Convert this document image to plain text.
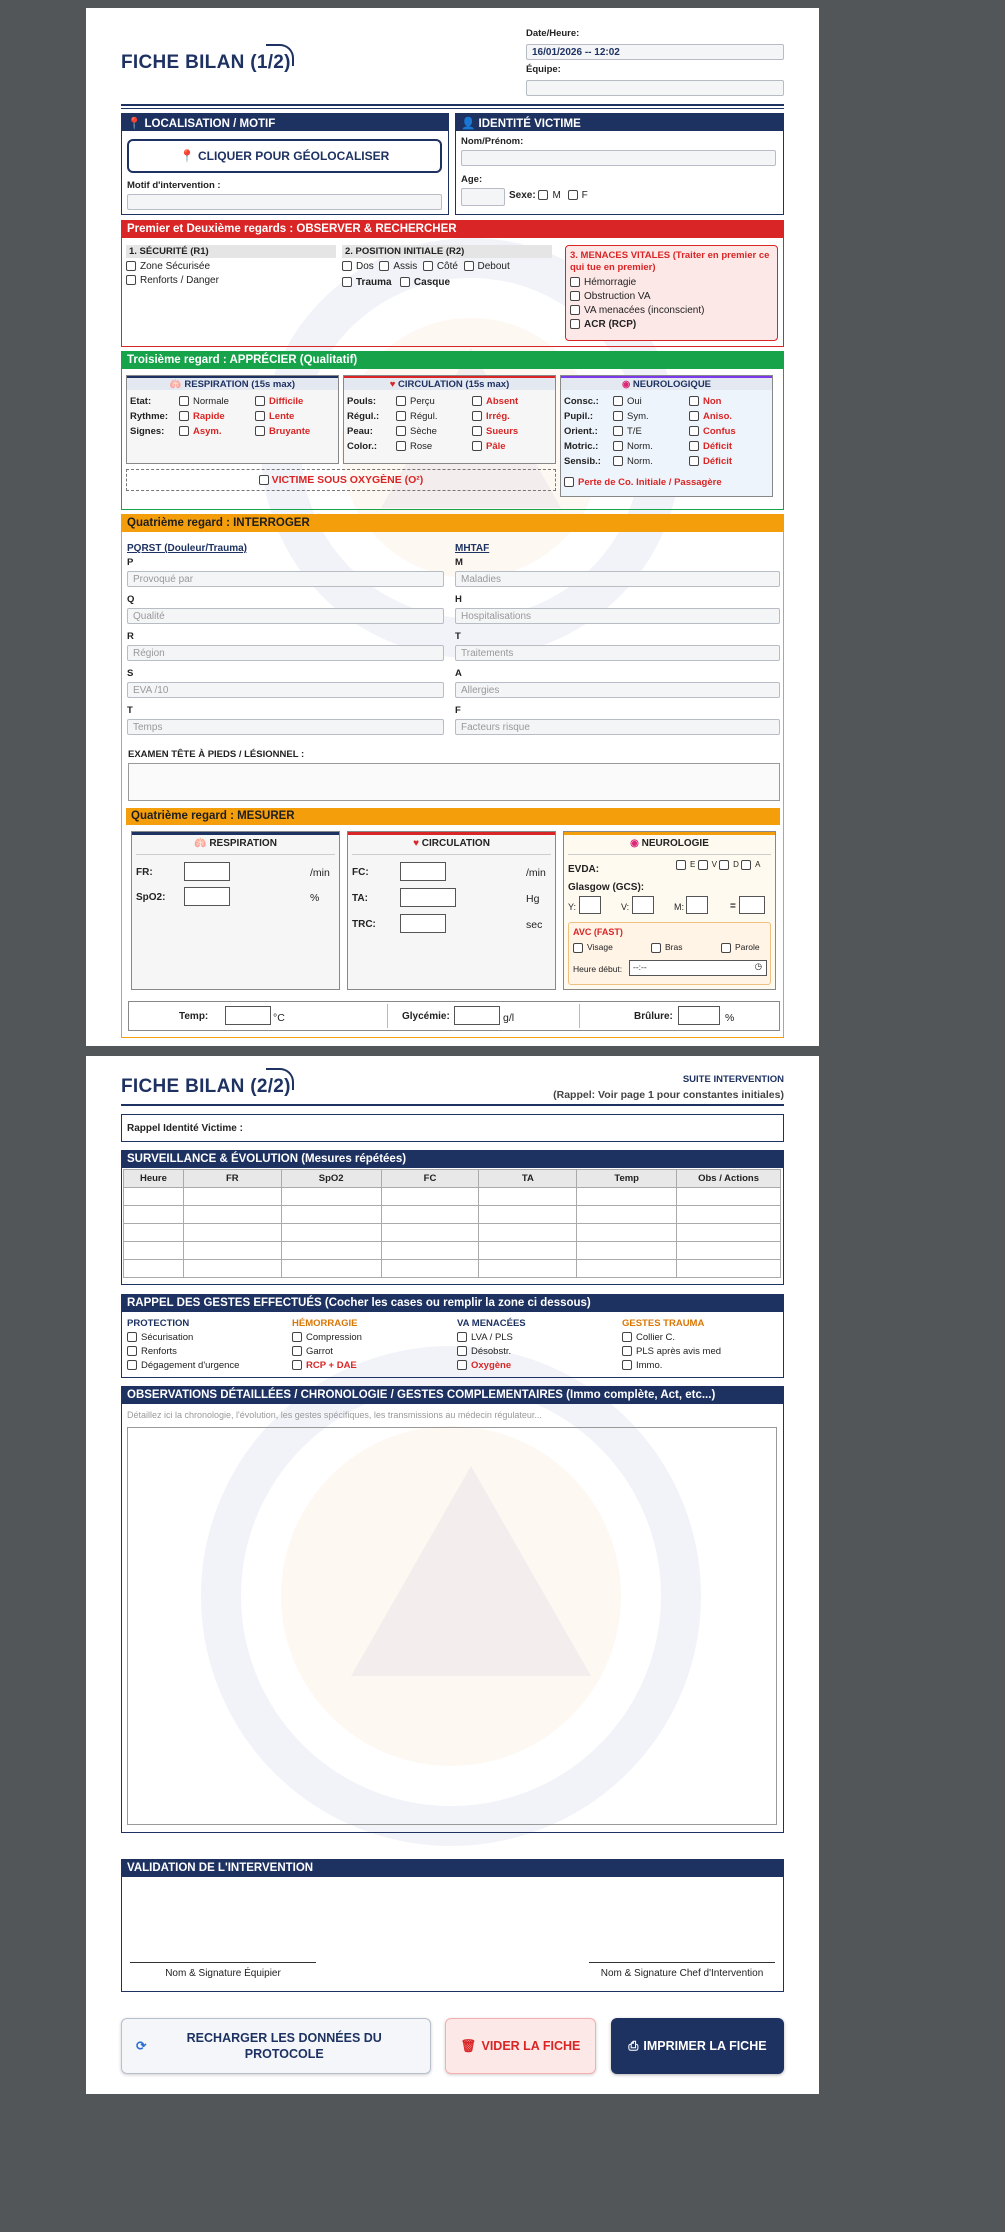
FICHE BILAN (1/2)
Date/Heure:
16/01/2026 -- 12:02
Équipe:
📍 LOCALISATION / MOTIF
📍 CLIQUER POUR GÉOLOCALISER
Motif d'intervention :
👤 IDENTITÉ VICTIME
Nom/Prénom:
Age:
Sexe: M F
Premier et Deuxième regards : OBSERVER & RECHERCHER
1. SÉCURITÉ (R1)
Zone Sécurisée
Renforts / Danger
2. POSITION INITIALE (R2)
Dos Assis Côté Debout
Trauma Casque
3. MENACES VITALES (Traiter en premier ce qui tue en premier)
Hémorragie
Obstruction VA
VA menacées (inconscient)
ACR (RCP)
Troisième regard : APPRÉCIER (Qualitatif)
🫁 RESPIRATION (15s max)
Etat:	Normale	Difficile
Rythme:	Rapide	Lente
Signes:	Asym.	Bruyante
♥ CIRCULATION (15s max)
Pouls:	Perçu	Absent
Régul.:	Régul.	Irrég.
Peau:	Sèche	Sueurs
Color.:	Rose	Pâle
◉ NEUROLOGIQUE
Consc.:	Oui	Non
Pupil.:	Sym.	Aniso.
Orient.:	T/E	Confus
Motric.:	Norm.	Déficit
Sensib.:	Norm.	Déficit
Perte de Co. Initiale / Passagère
VICTIME SOUS OXYGÈNE (O²)
Quatrième regard : INTERROGER
PQRST (Douleur/Trauma)	MHTAF
P
Provoqué par
M
Maladies
Q
Qualité
H
Hospitalisations
R
Région
T
Traitements
S
EVA /10
A
Allergies
T
Temps
F
Facteurs risque
EXAMEN TÊTE À PIEDS / LÉSIONNEL :
Quatrième regard : MESURER
🫁 RESPIRATION
FR:	/min
SpO2:	%
♥ CIRCULATION
FC:	/min
TA:	Hg
TRC:	sec
◉ NEUROLOGIE
EVDA:	E V D A
Glasgow (GCS):
Y:	V:	M:	=
AVC (FAST)
Visage	Bras	Parole
Heure début:	--:--	◷
Temp:	°C	Glycémie:	g/l	Brûlure:	%
FICHE BILAN (2/2)	SUITE INTERVENTION
(Rappel: Voir page 1 pour constantes initiales)
Rappel Identité Victime :
SURVEILLANCE & ÉVOLUTION (Mesures répétées)
Heure	FR	SpO2	FC	TA	Temp	Obs / Actions

RAPPEL DES GESTES EFFECTUÉS (Cocher les cases ou remplir la zone ci dessous)
PROTECTION
Sécurisation
Renforts
Dégagement d'urgence
HÉMORRAGIE
Compression
Garrot
RCP + DAE
VA MENACÉES
LVA / PLS
Désobstr.
Oxygène
GESTES TRAUMA
Collier C.
PLS après avis med
Immo.
OBSERVATIONS DÉTAILLÉES / CHRONOLOGIE / GESTES COMPLEMENTAIRES (Immo complète, Act, etc...)
Détaillez ici la chronologie, l'évolution, les gestes spécifiques, les transmissions au médecin régulateur...
VALIDATION DE L'INTERVENTION
Nom & Signature Équipier	Nom & Signature Chef d'Intervention
⟳
RECHARGER LES DONNÉES DU PROTOCOLE
🗑 VIDER LA FICHE	⎙ IMPRIMER LA FICHE
